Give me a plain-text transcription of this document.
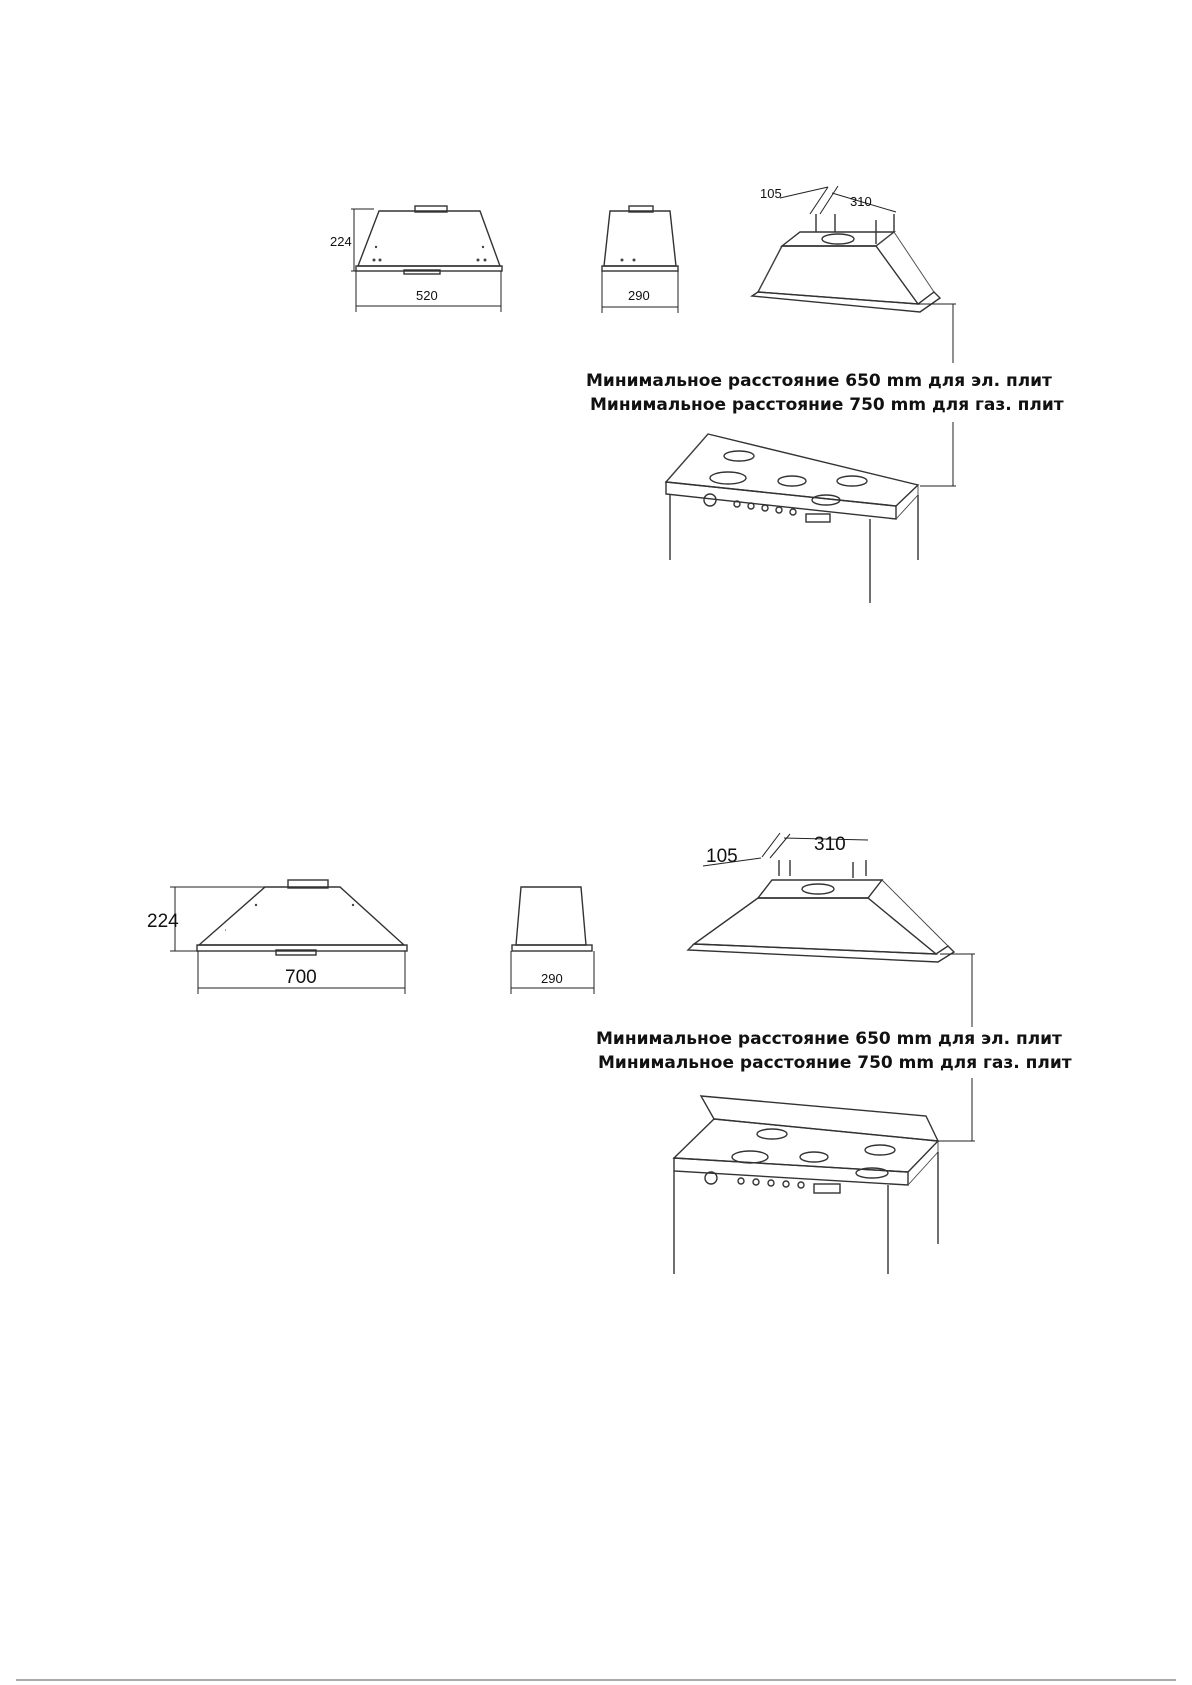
224
520	290
105
310
Минимальное расстояние 650 mm для эл. плит
Минимальное расстояние 750 mm для газ. плит
224
700	290
105
310
Минимальное расстояние 650 mm для эл. плит
Минимальное расстояние 750 mm для газ. плит
